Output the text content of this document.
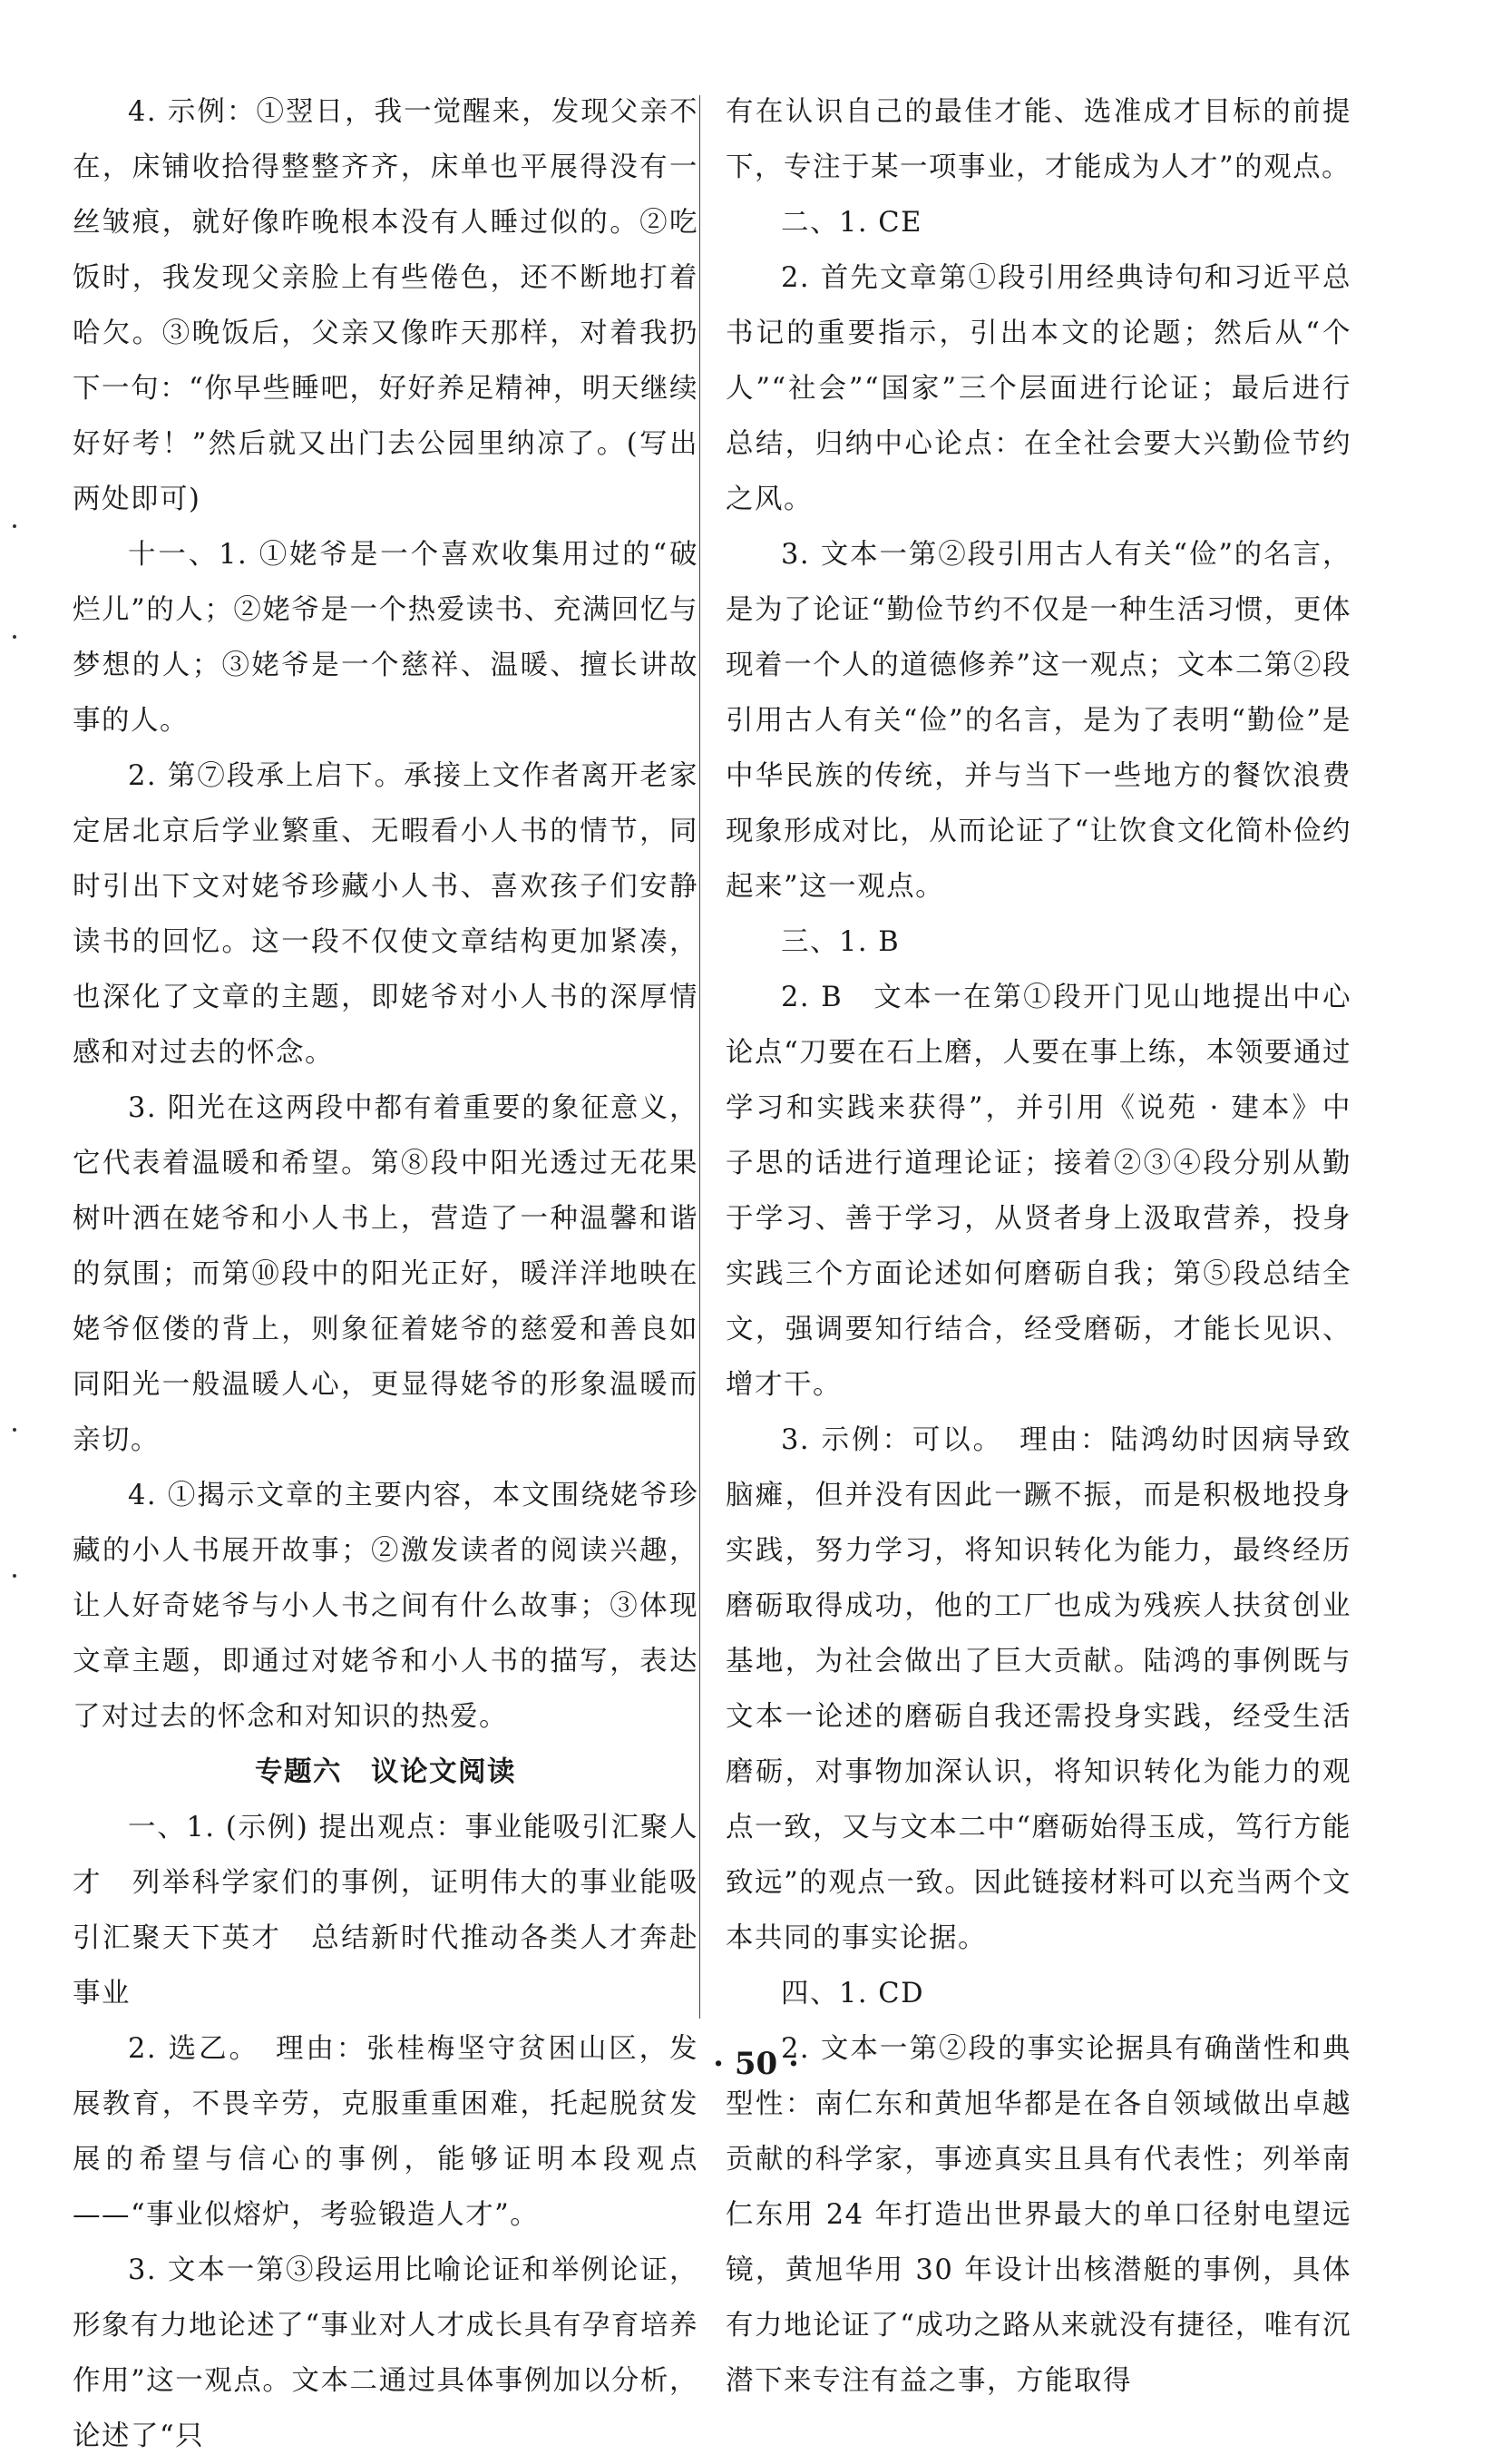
4. 示例：①翌日，我一觉醒来，发现父亲不在，床铺收拾得整整齐齐，床单也平展得没有一丝皱痕，就好像昨晚根本没有人睡过似的。②吃饭时，我发现父亲脸上有些倦色，还不断地打着哈欠。③晚饭后，父亲又像昨天那样，对着我扔下一句：“你早些睡吧，好好养足精神，明天继续好好考！”然后就又出门去公园里纳凉了。(写出两处即可)

十一、1. ①姥爷是一个喜欢收集用过的“破烂儿”的人；②姥爷是一个热爱读书、充满回忆与梦想的人；③姥爷是一个慈祥、温暖、擅长讲故事的人。

2. 第⑦段承上启下。承接上文作者离开老家定居北京后学业繁重、无暇看小人书的情节，同时引出下文对姥爷珍藏小人书、喜欢孩子们安静读书的回忆。这一段不仅使文章结构更加紧凑，也深化了文章的主题，即姥爷对小人书的深厚情感和对过去的怀念。

3. 阳光在这两段中都有着重要的象征意义，它代表着温暖和希望。第⑧段中阳光透过无花果树叶洒在姥爷和小人书上，营造了一种温馨和谐的氛围；而第⑩段中的阳光正好，暖洋洋地映在姥爷伛偻的背上，则象征着姥爷的慈爱和善良如同阳光一般温暖人心，更显得姥爷的形象温暖而亲切。

4. ①揭示文章的主要内容，本文围绕姥爷珍藏的小人书展开故事；②激发读者的阅读兴趣，让人好奇姥爷与小人书之间有什么故事；③体现文章主题，即通过对姥爷和小人书的描写，表达了对过去的怀念和对知识的热爱。

专题六　议论文阅读

一、1. (示例) 提出观点：事业能吸引汇聚人才　列举科学家们的事例，证明伟大的事业能吸引汇聚天下英才　总结新时代推动各类人才奔赴事业

2. 选乙。　理由：张桂梅坚守贫困山区，发展教育，不畏辛劳，克服重重困难，托起脱贫发展的希望与信心的事例，能够证明本段观点——“事业似熔炉，考验锻造人才”。

3. 文本一第③段运用比喻论证和举例论证，形象有力地论述了“事业对人才成长具有孕育培养作用”这一观点。文本二通过具体事例加以分析，论述了“只

有在认识自己的最佳才能、选准成才目标的前提下，专注于某一项事业，才能成为人才”的观点。

二、1. CE

2. 首先文章第①段引用经典诗句和习近平总书记的重要指示，引出本文的论题；然后从“个人”“社会”“国家”三个层面进行论证；最后进行总结，归纳中心论点：在全社会要大兴勤俭节约之风。

3. 文本一第②段引用古人有关“俭”的名言，是为了论证“勤俭节约不仅是一种生活习惯，更体现着一个人的道德修养”这一观点；文本二第②段引用古人有关“俭”的名言，是为了表明“勤俭”是中华民族的传统，并与当下一些地方的餐饮浪费现象形成对比，从而论证了“让饮食文化简朴俭约起来”这一观点。

三、1. B

2. B　文本一在第①段开门见山地提出中心论点“刀要在石上磨，人要在事上练，本领要通过学习和实践来获得”，并引用《说苑 · 建本》中子思的话进行道理论证；接着②③④段分别从勤于学习、善于学习，从贤者身上汲取营养，投身实践三个方面论述如何磨砺自我；第⑤段总结全文，强调要知行结合，经受磨砺，才能长见识、增才干。

3. 示例：可以。　理由：陆鸿幼时因病导致脑瘫，但并没有因此一蹶不振，而是积极地投身实践，努力学习，将知识转化为能力，最终经历磨砺取得成功，他的工厂也成为残疾人扶贫创业基地，为社会做出了巨大贡献。陆鸿的事例既与文本一论述的磨砺自我还需投身实践，经受生活磨砺，对事物加深认识，将知识转化为能力的观点一致，又与文本二中“磨砺始得玉成，笃行方能致远”的观点一致。因此链接材料可以充当两个文本共同的事实论据。

四、1. CD

2. 文本一第②段的事实论据具有确凿性和典型性：南仁东和黄旭华都是在各自领域做出卓越贡献的科学家，事迹真实且具有代表性；列举南仁东用 24 年打造出世界最大的单口径射电望远镜，黄旭华用 30 年设计出核潜艇的事例，具体有力地论证了“成功之路从来就没有捷径，唯有沉潜下来专注有益之事，方能取得

· 50 ·
